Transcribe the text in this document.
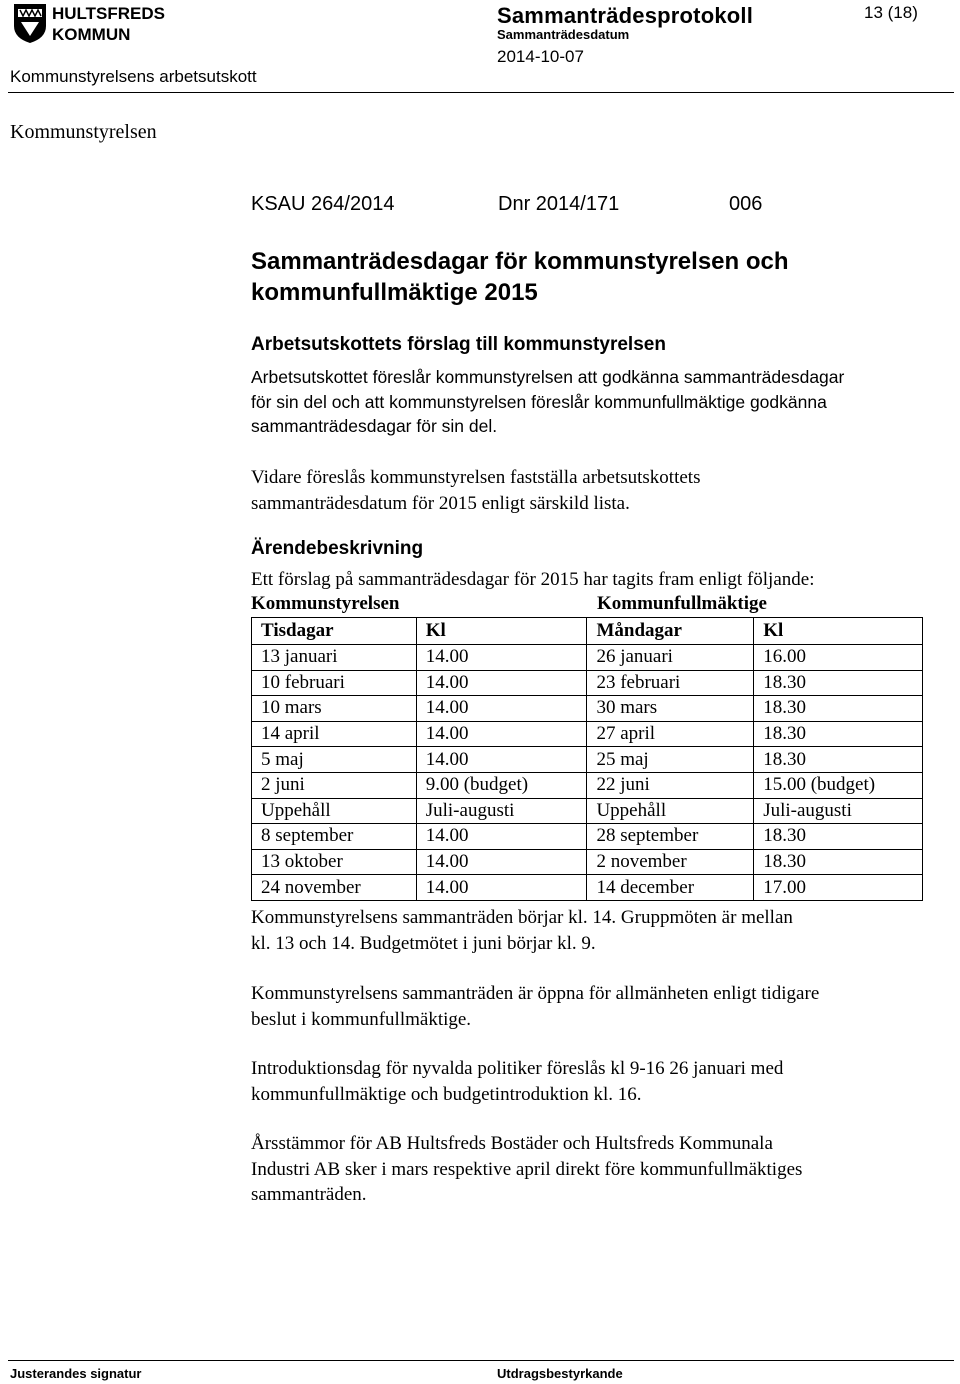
HULTSFREDS
KOMMUN
Sammanträdesprotokoll
Sammanträdesdatum
2014-10-07
13 (18)
Kommunstyrelsens arbetsutskott
Kommunstyrelsen
KSAU 264/2014	Dnr 2014/171	006
Sammanträdesdagar för kommunstyrelsen och
kommunfullmäktige 2015
Arbetsutskottets förslag till kommunstyrelsen
Arbetsutskottet föreslår kommunstyrelsen att godkänna sammanträdesdagar
för sin del och att kommunstyrelsen föreslår kommunfullmäktige godkänna
sammanträdesdagar för sin del.
Vidare föreslås kommunstyrelsen fastställa arbetsutskottets
sammanträdesdatum för 2015 enligt särskild lista.
Ärendebeskrivning
Ett förslag på sammanträdesdagar för 2015 har tagits fram enligt följande:
Kommunstyrelsen	Kommunfullmäktige
Tisdagar	Kl	Måndagar	Kl
13 januari	14.00	26 januari	16.00
10 februari	14.00	23 februari	18.30
10 mars	14.00	30 mars	18.30
14 april	14.00	27 april	18.30
5 maj	14.00	25 maj	18.30
2 juni	9.00 (budget)	22 juni	15.00 (budget)
Uppehåll	Juli-augusti	Uppehåll	Juli-augusti
8 september	14.00	28 september	18.30
13 oktober	14.00	2 november	18.30
24 november	14.00	14 december	17.00
Kommunstyrelsens sammanträden börjar kl. 14. Gruppmöten är mellan
kl. 13 och 14. Budgetmötet i juni börjar kl. 9.
Kommunstyrelsens sammanträden är öppna för allmänheten enligt tidigare
beslut i kommunfullmäktige.
Introduktionsdag för nyvalda politiker föreslås kl 9-16 26 januari med
kommunfullmäktige och budgetintroduktion kl. 16.
Årsstämmor för AB Hultsfreds Bostäder och Hultsfreds Kommunala
Industri AB sker i mars respektive april direkt före kommunfullmäktiges
sammanträden.
Justerandes signatur	Utdragsbestyrkande
